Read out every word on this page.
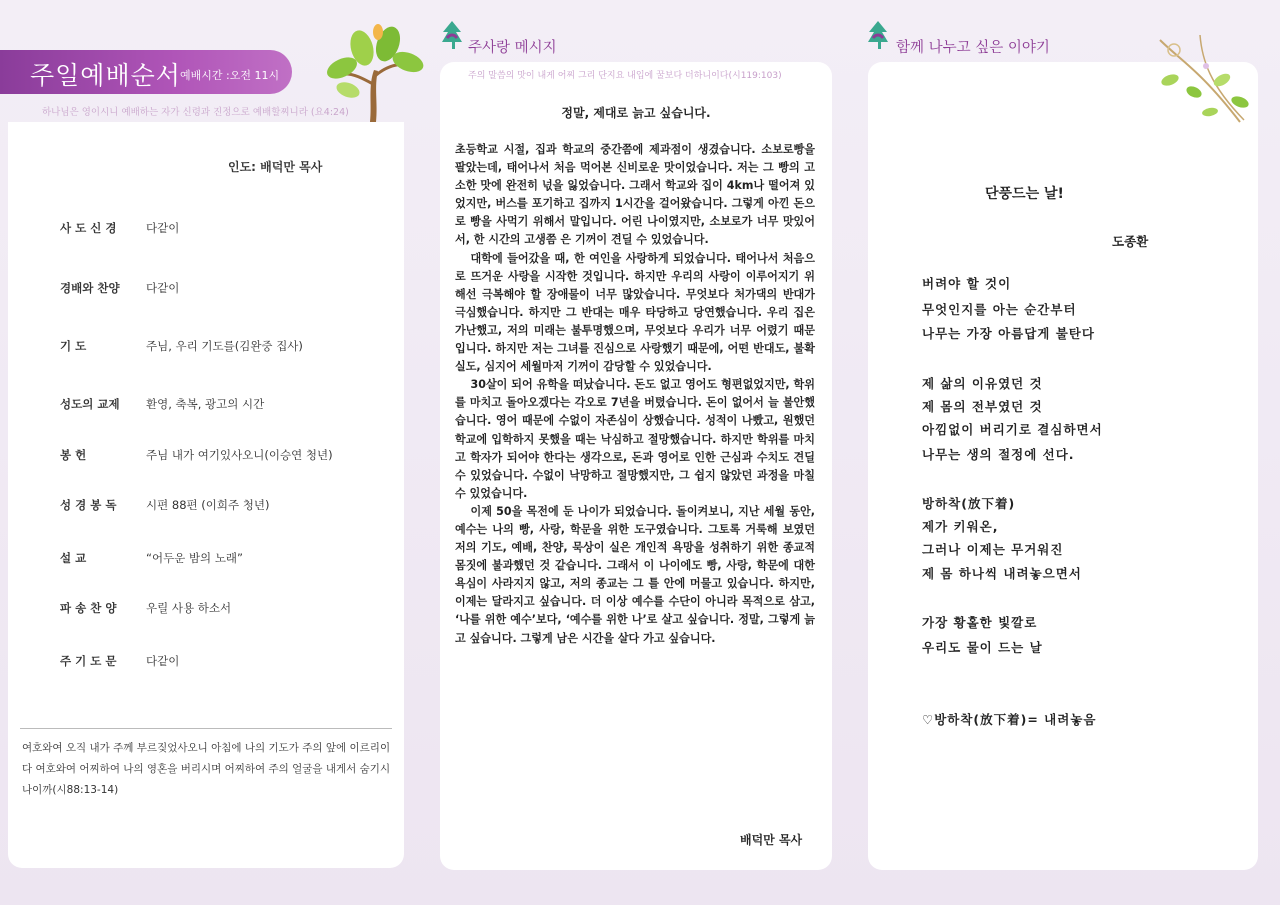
주일예배순서 예배시간 :오전 11시
하나님은 영이시니 예배하는 자가 신령과 진정으로 예배할찌니라 (요4:24)
인도: 배덕만 목사
사 도 신 경	다같이
경배와 찬양	다같이
기 도	주님, 우리 기도를(김완중 집사)
성도의 교제	환영, 축복, 광고의 시간
봉 헌	주님 내가 여기있사오니(이승연 청년)
성 경 봉 독	시편 88편 (이희주 청년)
설 교	“어두운 밤의 노래”
파 송 찬 양	우릴 사용 하소서
주 기 도 문	다같이
여호와여 오직 내가 주께 부르짖었사오니 아침에 나의 기도가 주의 앞에 이르리이다 여호와여 어찌하여 나의 영혼을 버리시며 어찌하여 주의 얼굴을 내게서 숨기시나이까(시88:13-14)
주사랑 메시지
주의 말씀의 맛이 내게 어찌 그리 단지요 내입에 꿀보다 더하니이다(시119:103)
정말, 제대로 늙고 싶습니다.

초등학교 시절, 집과 학교의 중간쯤에 제과점이 생겼습니다. 소보로빵을 팔았는데, 태어나서 처음 먹어본 신비로운 맛이었습니다. 저는 그 빵의 고소한 맛에 완전히 넋을 잃었습니다. 그래서 학교와 집이 4km나 떨어져 있었지만, 버스를 포기하고 집까지 1시간을 걸어왔습니다. 그렇게 아낀 돈으로 빵을 사먹기 위해서 말입니다. 어린 나이였지만, 소보로가 너무 맛있어서, 한 시간의 고생쯤 은 기꺼이 견딜 수 있었습니다.

대학에 들어갔을 때, 한 여인을 사랑하게 되었습니다. 태어나서 처음으로 뜨거운 사랑을 시작한 것입니다. 하지만 우리의 사랑이 이루어지기 위해선 극복해야 할 장애물이 너무 많았습니다. 무엇보다 처가댁의 반대가 극심했습니다. 하지만 그 반대는 매우 타당하고 당연했습니다. 우리 집은 가난했고, 저의 미래는 불투명했으며, 무엇보다 우리가 너무 어렸기 때문입니다. 하지만 저는 그녀를 진심으로 사랑했기 때문에, 어떤 반대도, 불확실도, 심지어 세월마저 기꺼이 감당할 수 있었습니다.

30살이 되어 유학을 떠났습니다. 돈도 없고 영어도 형편없었지만, 학위를 마치고 돌아오겠다는 각오로 7년을 버텼습니다. 돈이 없어서 늘 불안했습니다. 영어 때문에 수없이 자존심이 상했습니다. 성적이 나빴고, 원했던 학교에 입학하지 못했을 때는 낙심하고 절망했습니다. 하지만 학위를 마치고 학자가 되어야 한다는 생각으로, 돈과 영어로 인한 근심과 수치도 견딜 수 있었습니다. 수없이 낙망하고 절망했지만, 그 쉽지 않았던 과정을 마칠 수 있었습니다.

이제 50을 목전에 둔 나이가 되었습니다. 돌이켜보니, 지난 세월 동안, 예수는 나의 빵, 사랑, 학문을 위한 도구였습니다. 그토록 거룩해 보였던 저의 기도, 예배, 찬양, 묵상이 실은 개인적 욕망을 성취하기 위한 종교적 몸짓에 불과했던 것 같습니다. 그래서 이 나이에도 빵, 사랑, 학문에 대한 욕심이 사라지지 않고, 저의 종교는 그 틀 안에 머물고 있습니다. 하지만, 이제는 달라지고 싶습니다. 더 이상 예수를 수단이 아니라 목적으로 삼고, ‘나를 위한 예수’보다, ‘예수를 위한 나’로 살고 싶습니다. 정말, 그렇게 늙고 싶습니다. 그렇게 남은 시간을 살다 가고 싶습니다.

배덕만 목사
함께 나누고 싶은 이야기
단풍드는 날!
도종환
버려야 할 것이
무엇인지를 아는 순간부터
나무는 가장 아름답게 불탄다
제 삶의 이유였던 것
제 몸의 전부였던 것
아낌없이 버리기로 결심하면서
나무는 생의 절정에 선다.
방하착(放下着)
제가 키워온,
그러나 이제는 무거워진
제 몸 하나씩 내려놓으면서
가장 황홀한 빛깔로
우리도 물이 드는 날
♡방하착(放下着)= 내려놓음
